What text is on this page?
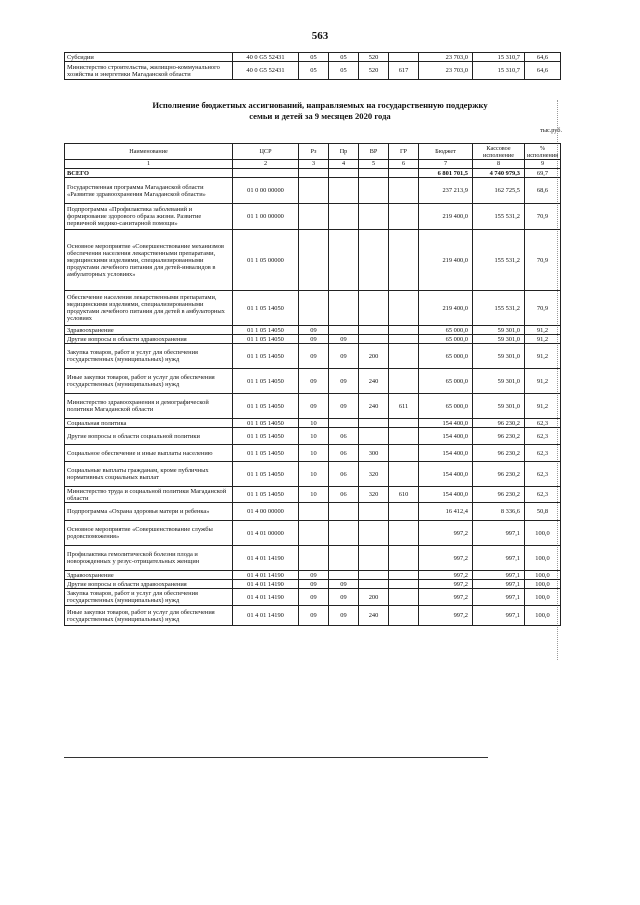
563
Субсидии	40 0 G5 52431	05	05	520		23 703,0	15 310,7	64,6
Министерство строительства, жилищно-коммунального хозяйства и энергетики Магаданской области	40 0 G5 52431	05	05	520	617	23 703,0	15 310,7	64,6
Исполнение бюджетных ассигнований, направляемых на государственную поддержку
семьи и детей за 9 месяцев 2020 года
тыс.руб.
Наименование	ЦСР	Рз	Пр	ВР	ГР	Бюджет	Кассовое исполнение	% исполнения
1	2	3	4	5	6	7	8	9
ВСЕГО						6 801 701,5	4 740 979,3	69,7
Государственная программа Магаданской области «Развитие здравоохранения Магаданской области»	01 0 00 00000					237 213,9	162 725,5	68,6
Подпрограмма «Профилактика заболеваний и формирование здорового образа жизни. Развитие первичной медико-санитарной помощи»	01 1 00 00000					219 400,0	155 531,2	70,9
Основное мероприятие «Совершенствование механизмов обеспечения населения лекарственными препаратами, медицинскими изделиями, специализированными продуктами лечебного питания для детей-инвалидов в амбулаторных условиях»	01 1 05 00000					219 400,0	155 531,2	70,9
Обеспечение населения лекарственными препаратами, медицинскими изделиями, специализированными продуктами лечебного питания для детей в амбулаторных условиях	01 1 05 14050					219 400,0	155 531,2	70,9
Здравоохранение	01 1 05 14050	09				65 000,0	59 301,0	91,2
Другие вопросы в области здравоохранения	01 1 05 14050	09	09			65 000,0	59 301,0	91,2
Закупка товаров, работ и услуг для обеспечения государственных (муниципальных) нужд	01 1 05 14050	09	09	200		65 000,0	59 301,0	91,2
Иные закупки товаров, работ и услуг для обеспечения государственных (муниципальных) нужд	01 1 05 14050	09	09	240		65 000,0	59 301,0	91,2
Министерство здравоохранения и демографической политики Магаданской области	01 1 05 14050	09	09	240	611	65 000,0	59 301,0	91,2
Социальная политика	01 1 05 14050	10				154 400,0	96 230,2	62,3
Другие вопросы в области социальной политики	01 1 05 14050	10	06			154 400,0	96 230,2	62,3
Социальное обеспечение и иные выплаты населению	01 1 05 14050	10	06	300		154 400,0	96 230,2	62,3
Социальные выплаты гражданам, кроме публичных нормативных социальных выплат	01 1 05 14050	10	06	320		154 400,0	96 230,2	62,3
Министерство труда и социальной политики Магаданской области	01 1 05 14050	10	06	320	610	154 400,0	96 230,2	62,3
Подпрограмма «Охрана здоровья матери и ребенка»	01 4 00 00000					16 412,4	8 336,6	50,8
Основное мероприятие «Совершенствование службы родовспоможения»	01 4 01 00000					997,2	997,1	100,0
Профилактика гемолитической болезни плода и новорожденных у резус-отрицательных женщин	01 4 01 14190					997,2	997,1	100,0
Здравоохранение	01 4 01 14190	09				997,2	997,1	100,0
Другие вопросы в области здравоохранения	01 4 01 14190	09	09			997,2	997,1	100,0
Закупка товаров, работ и услуг для обеспечения государственных (муниципальных) нужд	01 4 01 14190	09	09	200		997,2	997,1	100,0
Иные закупки товаров, работ и услуг для обеспечения государственных (муниципальных) нужд	01 4 01 14190	09	09	240		997,2	997,1	100,0
